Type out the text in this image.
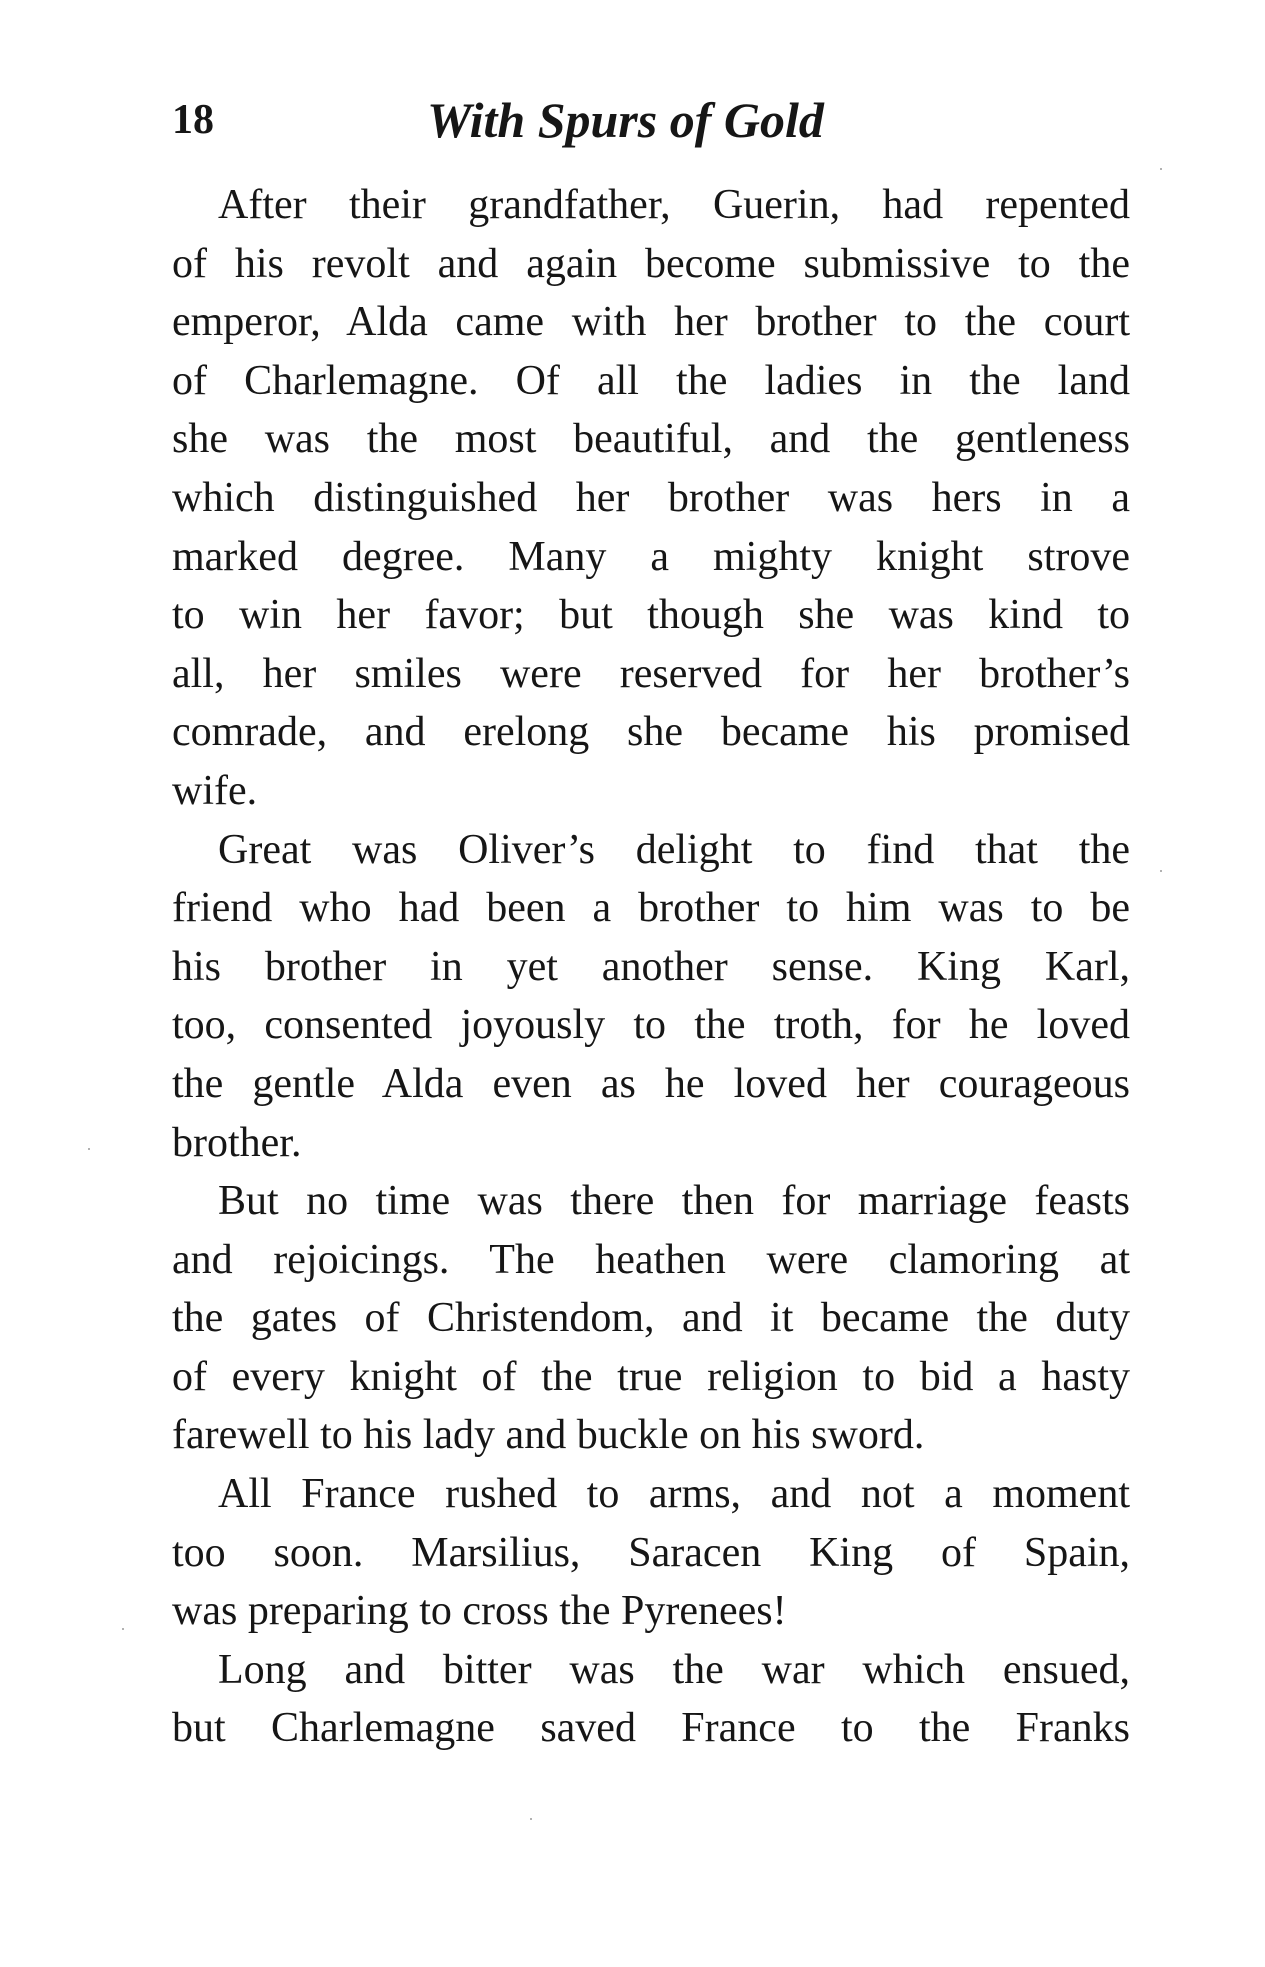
18	With Spurs of Gold
After their grandfather, Guerin, had repented
of his revolt and again become submissive to the
emperor, Alda came with her brother to the court
of Charlemagne. Of all the ladies in the land
she was the most beautiful, and the gentleness
which distinguished her brother was hers in a
marked degree. Many a mighty knight strove
to win her favor; but though she was kind to
all, her smiles were reserved for her brother’s
comrade, and erelong she became his promised
wife.
Great was Oliver’s delight to find that the
friend who had been a brother to him was to be
his brother in yet another sense. King Karl,
too, consented joyously to the troth, for he loved
the gentle Alda even as he loved her courageous
brother.
But no time was there then for marriage feasts
and rejoicings. The heathen were clamoring at
the gates of Christendom, and it became the duty
of every knight of the true religion to bid a hasty
farewell to his lady and buckle on his sword.
All France rushed to arms, and not a moment
too soon. Marsilius, Saracen King of Spain,
was preparing to cross the Pyrenees!
Long and bitter was the war which ensued,
but Charlemagne saved France to the Franks
